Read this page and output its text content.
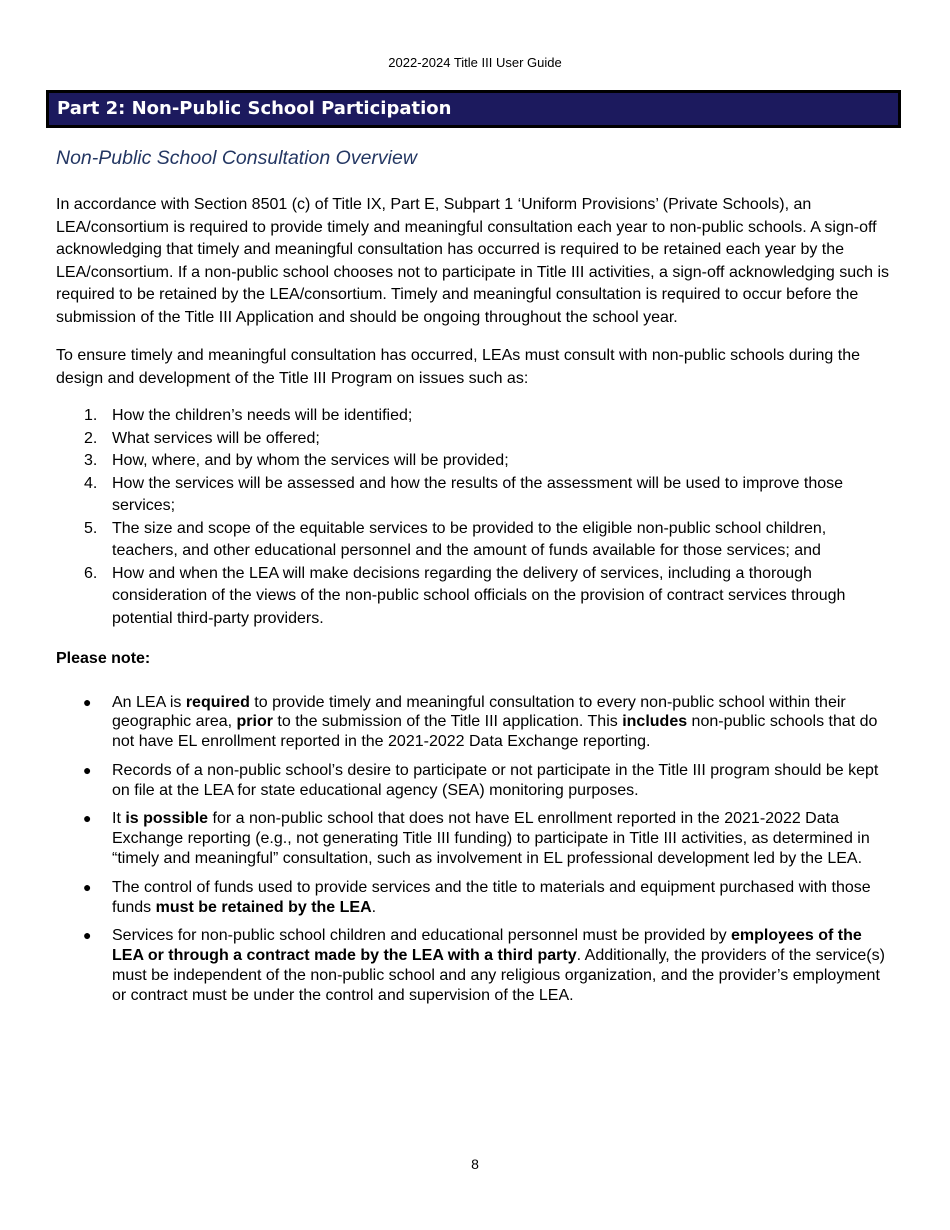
2022-2024 Title III User Guide
Part 2: Non-Public School Participation
Non-Public School Consultation Overview

In accordance with Section 8501 (c) of Title IX, Part E, Subpart 1 ‘Uniform Provisions’ (Private Schools), an LEA/consortium is required to provide timely and meaningful consultation each year to non-public schools. A sign-off acknowledging that timely and meaningful consultation has occurred is required to be retained each year by the LEA/consortium. If a non-public school chooses not to participate in Title III activities, a sign-off acknowledging such is required to be retained by the LEA/consortium. Timely and meaningful consultation is required to occur before the submission of the Title III Application and should be ongoing throughout the school year.

To ensure timely and meaningful consultation has occurred, LEAs must consult with non-public schools during the design and development of the Title III Program on issues such as:

1. How the children’s needs will be identified;
2. What services will be offered;
3. How, where, and by whom the services will be provided;
4. How the services will be assessed and how the results of the assessment will be used to improve those services;
5. The size and scope of the equitable services to be provided to the eligible non-public school children, teachers, and other educational personnel and the amount of funds available for those services; and
6. How and when the LEA will make decisions regarding the delivery of services, including a thorough consideration of the views of the non-public school officials on the provision of contract services through potential third-party providers.

Please note:

● An LEA is required to provide timely and meaningful consultation to every non-public school within their geographic area, prior to the submission of the Title III application. This includes non-public schools that do not have EL enrollment reported in the 2021-2022 Data Exchange reporting.
● Records of a non-public school’s desire to participate or not participate in the Title III program should be kept on file at the LEA for state educational agency (SEA) monitoring purposes.
● It is possible for a non-public school that does not have EL enrollment reported in the 2021-2022 Data Exchange reporting (e.g., not generating Title III funding) to participate in Title III activities, as determined in “timely and meaningful” consultation, such as involvement in EL professional development led by the LEA.
● The control of funds used to provide services and the title to materials and equipment purchased with those funds must be retained by the LEA.
● Services for non-public school children and educational personnel must be provided by employees of the LEA or through a contract made by the LEA with a third party. Additionally, the providers of the service(s) must be independent of the non-public school and any religious organization, and the provider’s employment or contract must be under the control and supervision of the LEA.
8
